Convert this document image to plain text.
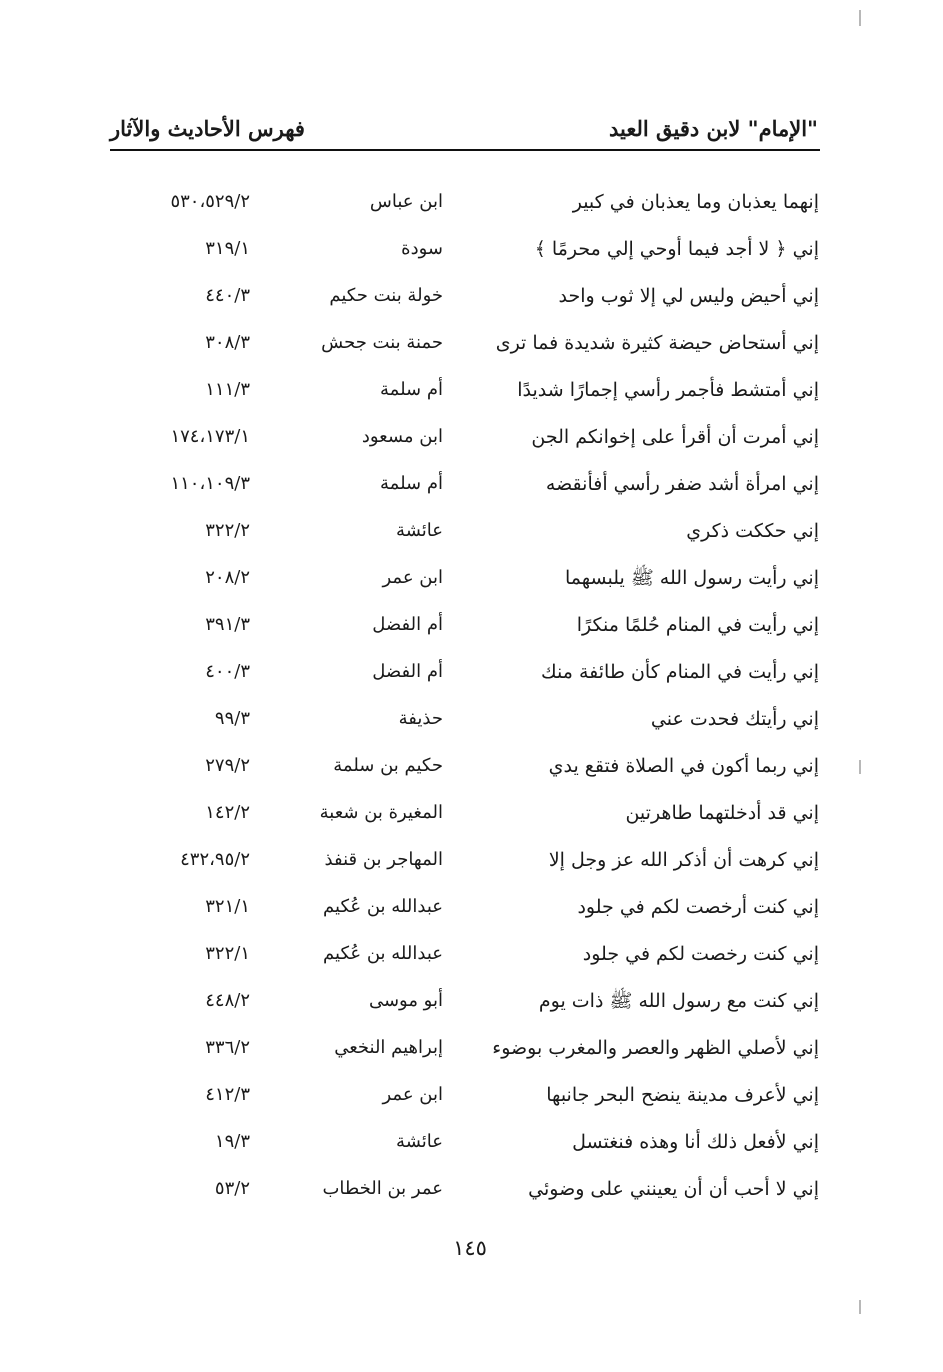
"الإمام" لابن دقيق العيد
فهرس الأحاديث والآثار
إنهما يعذبان وما يعذبان في كبير
ابن عباس
٥٣٠،٥٢٩/٢
إني ﴿ لا أجد فيما أوحي إلي محرمًا ﴾
سودة
٣١٩/١
إني أحيض وليس لي إلا ثوب واحد
خولة بنت حكيم
٤٤٠/٣
إني أستحاض حيضة كثيرة شديدة فما ترى
حمنة بنت جحش
٣٠٨/٣
إني أمتشط فأجمر رأسي إجمارًا شديدًا
أم سلمة
١١١/٣
إني أمرت أن أقرأ على إخوانكم الجن
ابن مسعود
١٧٤،١٧٣/١
إني امرأة أشد ضفر رأسي أفأنقضه
أم سلمة
١١٠،١٠٩/٣
إني حككت ذكري
عائشة
٣٢٢/٢
إني رأيت رسول الله ﷺ يلبسهما
ابن عمر
٢٠٨/٢
إني رأيت في المنام حُلمًا منكرًا
أم الفضل
٣٩١/٣
إني رأيت في المنام كأن طائفة منك
أم الفضل
٤٠٠/٣
إني رأيتك فحدت عني
حذيفة
٩٩/٣
إني ربما أكون في الصلاة فتقع يدي
حكيم بن سلمة
٢٧٩/٢
إني قد أدخلتهما طاهرتين
المغيرة بن شعبة
١٤٢/٢
إني كرهت أن أذكر الله عز وجل إلا
المهاجر بن قنفذ
٤٣٢،٩٥/٢
إني كنت أرخصت لكم في جلود
عبدالله بن عُكيم
٣٢١/١
إني كنت رخصت لكم في جلود
عبدالله بن عُكيم
٣٢٢/١
إني كنت مع رسول الله ﷺ ذات يوم
أبو موسى
٤٤٨/٢
إني لأصلي الظهر والعصر والمغرب بوضوء
إبراهيم النخعي
٣٣٦/٢
إني لأعرف مدينة ينضح البحر جانبها
ابن عمر
٤١٢/٣
إني لأفعل ذلك أنا وهذه فنغتسل
عائشة
١٩/٣
إني لا أحب أن أن يعينني على وضوئي
عمر بن الخطاب
٥٣/٢
١٤٥
